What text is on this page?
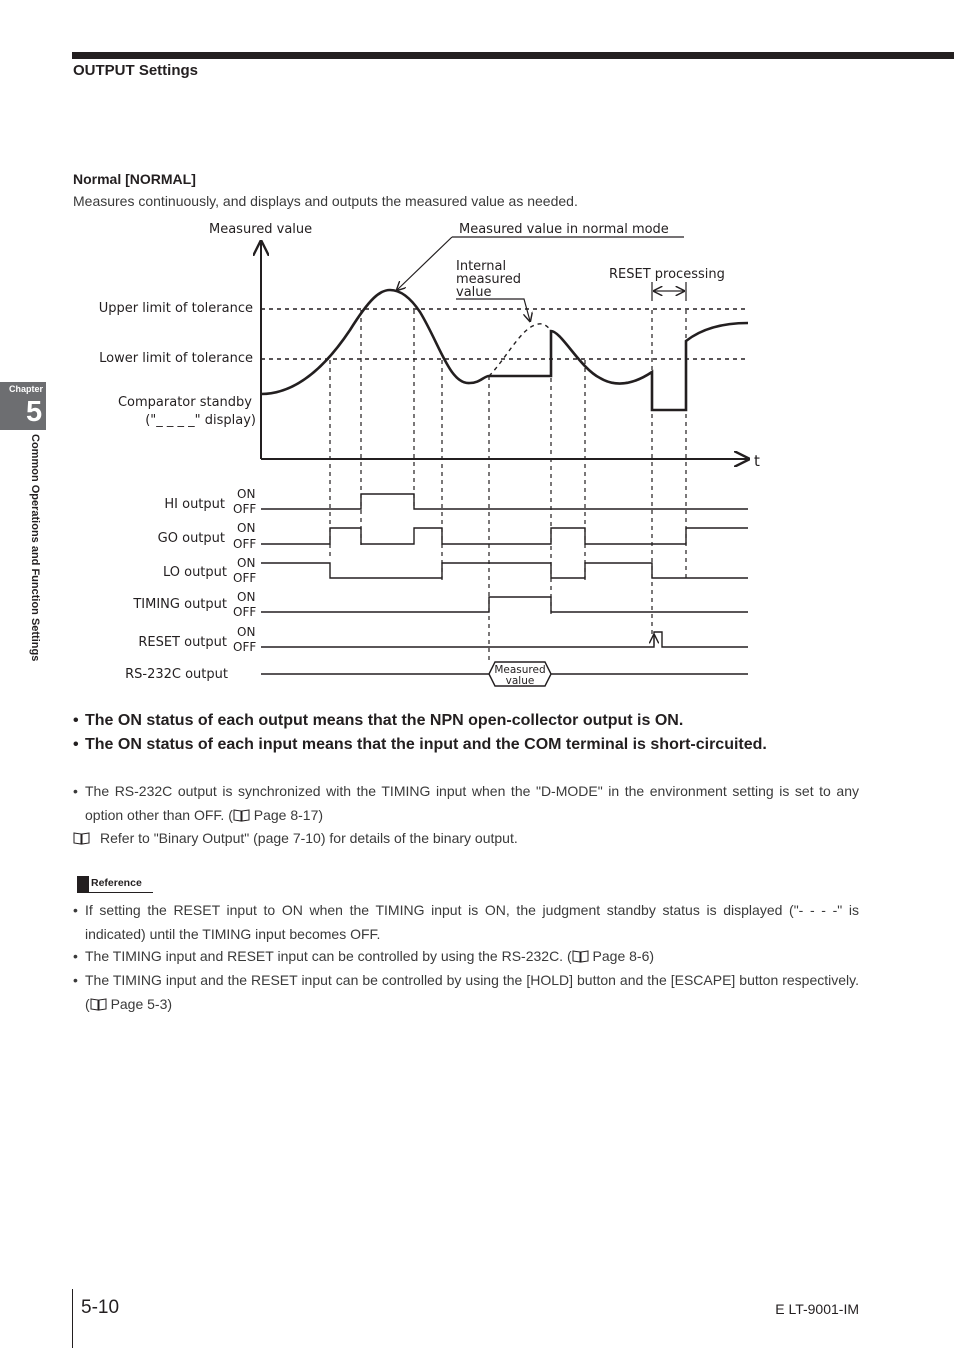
OUTPUT Settings
Chapter
5
Common Operations and Function Settings
Normal [NORMAL]
Measures continuously, and displays and outputs the measured value as needed.
Measured value
t
Upper limit of tolerance
Lower limit of tolerance
Comparator standby
("_ _ _ _" display)
Measured value in normal mode
Internal
measured
value
RESET processing
HI output
GO output
LO output
TIMING output
RESET output
RS-232C output
ON
OFF
ON
OFF
ON
OFF
ON
OFF
ON
OFF
Measured
value
• The ON status of each output means that the NPN open-collector output is ON.
• The ON status of each input means that the input and the COM terminal is short-circuited.
• The RS-232C output is synchronized with the TIMING input when the "D-MODE" in the environment setting is set to any option other than OFF. ( Page 8-17)
Refer to "Binary Output" (page 7-10) for details of the binary output.
Reference
• If setting the RESET input to ON when the TIMING input is ON, the judgment standby status is displayed ("- - - -" is indicated) until the TIMING input becomes OFF.
• The TIMING input and RESET input can be controlled by using the RS-232C. ( Page 8-6)
• The TIMING input and the RESET input can be controlled by using the [HOLD] button and the [ESCAPE] button respectively. ( Page 5-3)
5-10	E LT-9001-IM
